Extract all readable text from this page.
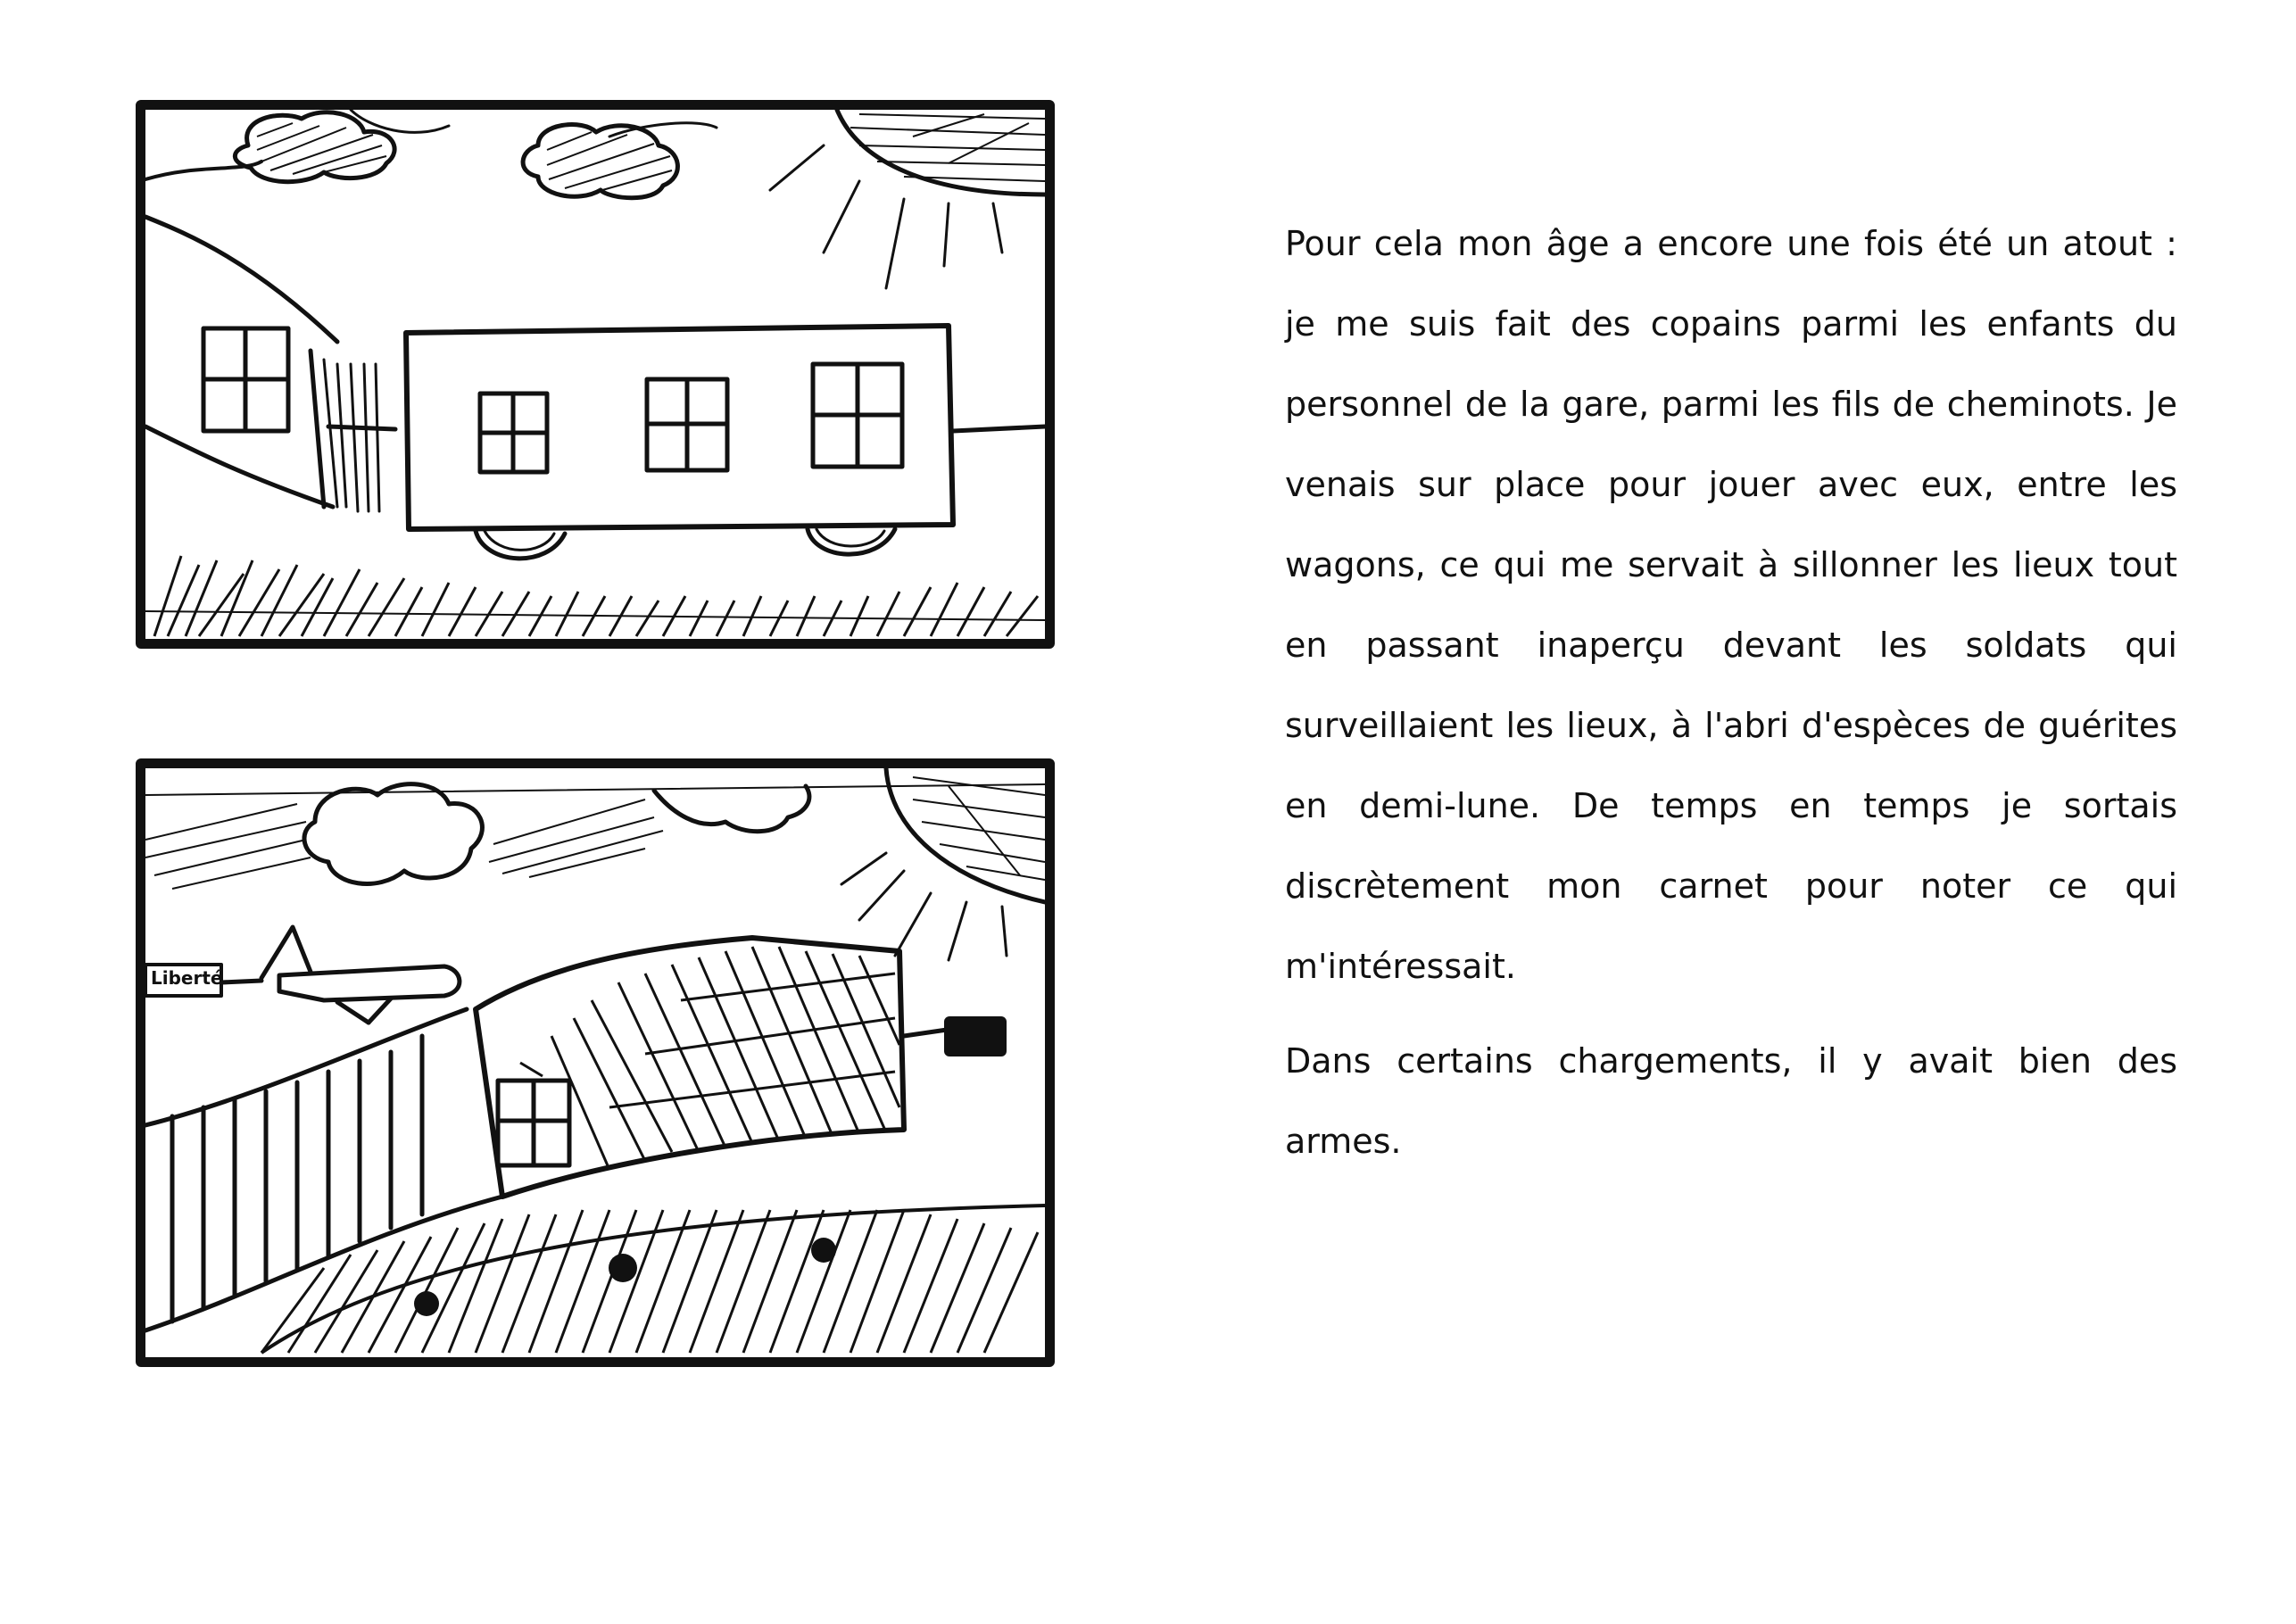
Liberté

Pour cela mon âge a encore une fois été un atout : je me suis fait des copains parmi les enfants du personnel de la gare, parmi les fils de cheminots. Je venais sur place pour jouer avec eux, entre les wagons, ce qui me servait à sillonner les lieux tout en passant inaperçu devant les soldats qui surveillaient les lieux, à l'abri d'espèces de guérites en demi-lune. De temps en temps je sortais discrètement mon carnet pour noter ce qui m'intéressait.

Dans certains chargements, il y avait bien des armes.
